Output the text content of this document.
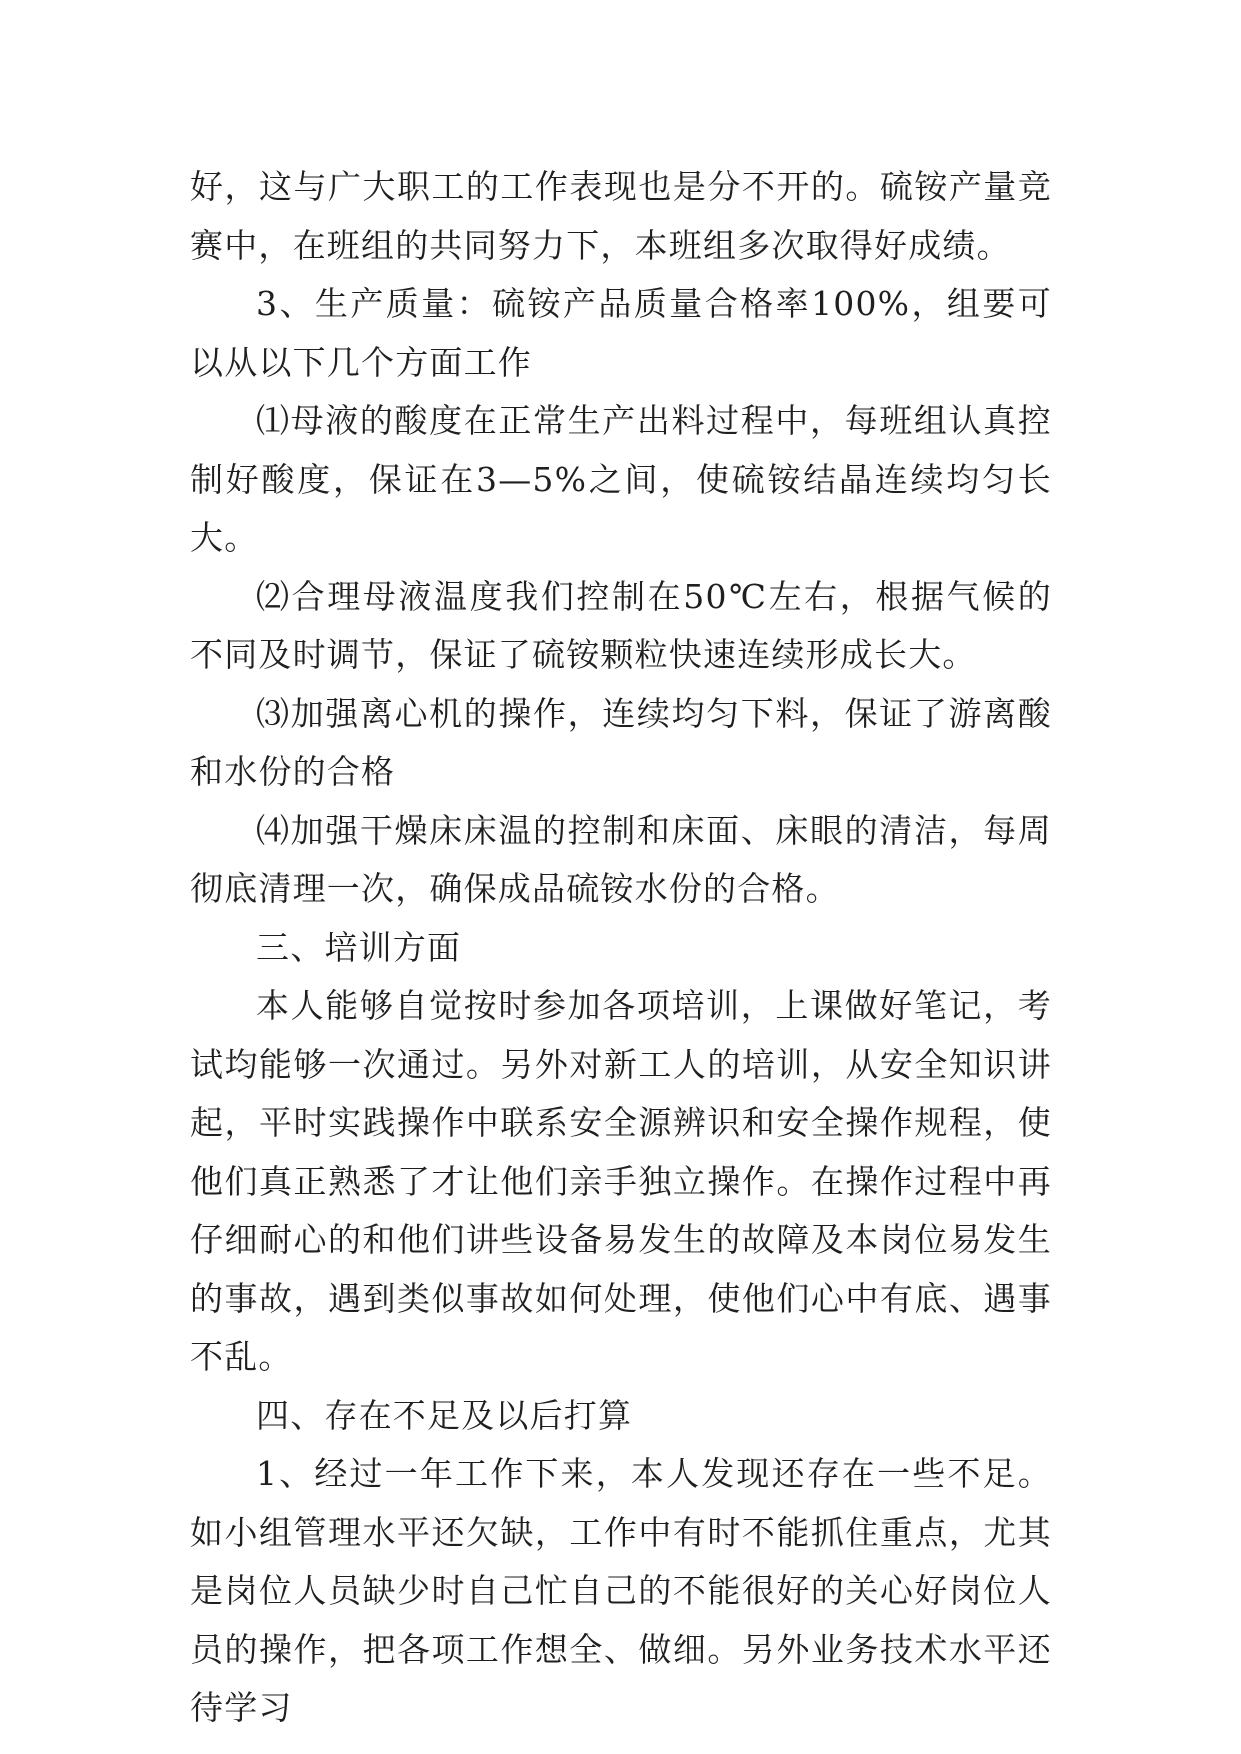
好，这与广大职工的工作表现也是分不开的。硫铵产量竞赛中，在班组的共同努力下，本班组多次取得好成绩。

3、生产质量：硫铵产品质量合格率100%，组要可以从以下几个方面工作

⑴母液的酸度在正常生产出料过程中，每班组认真控制好酸度，保证在3—5%之间，使硫铵结晶连续均匀长大。

⑵合理母液温度我们控制在50℃左右，根据气候的不同及时调节，保证了硫铵颗粒快速连续形成长大。

⑶加强离心机的操作，连续均匀下料，保证了游离酸和水份的合格

⑷加强干燥床床温的控制和床面、床眼的清洁，每周彻底清理一次，确保成品硫铵水份的合格。

三、培训方面

本人能够自觉按时参加各项培训，上课做好笔记，考试均能够一次通过。另外对新工人的培训，从安全知识讲起，平时实践操作中联系安全源辨识和安全操作规程，使他们真正熟悉了才让他们亲手独立操作。在操作过程中再仔细耐心的和他们讲些设备易发生的故障及本岗位易发生的事故，遇到类似事故如何处理，使他们心中有底、遇事不乱。

四、存在不足及以后打算

1、经过一年工作下来，本人发现还存在一些不足。如小组管理水平还欠缺，工作中有时不能抓住重点，尤其是岗位人员缺少时自己忙自己的不能很好的关心好岗位人员的操作，把各项工作想全、做细。另外业务技术水平还待学习
